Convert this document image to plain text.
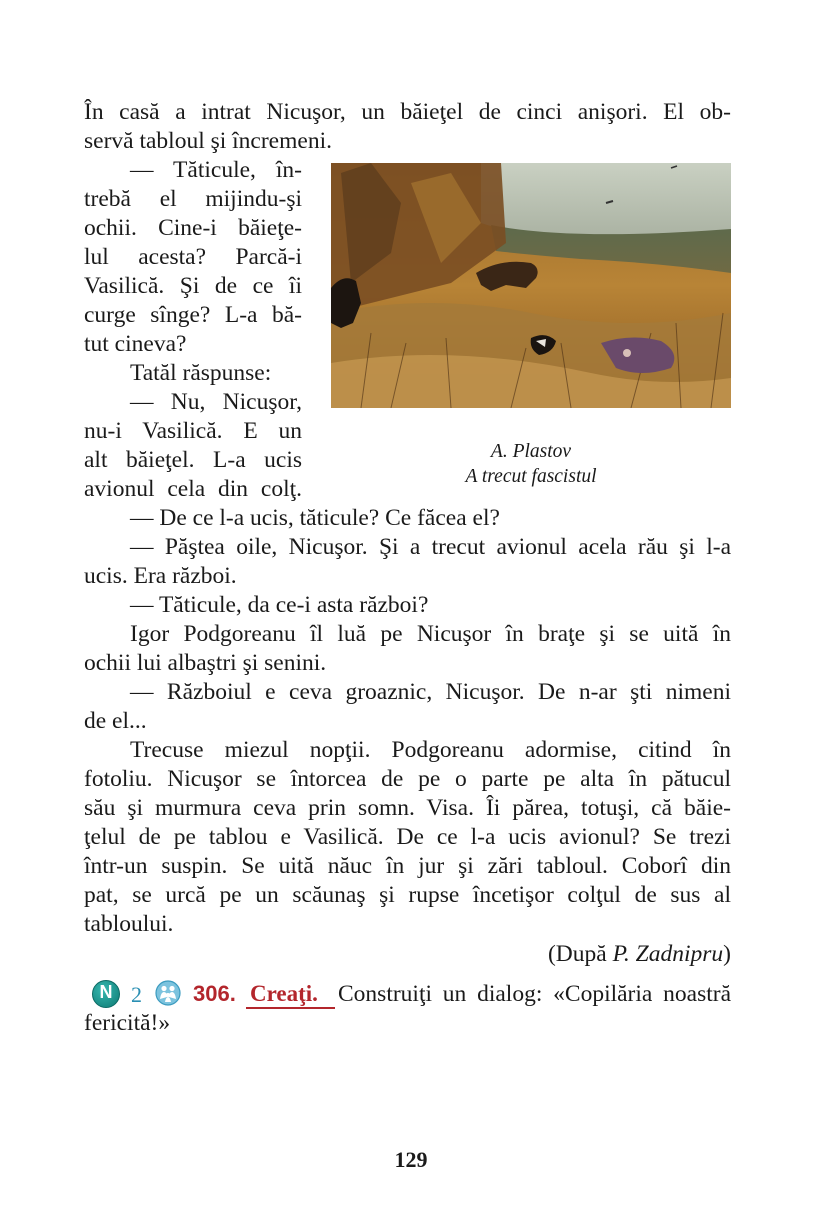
În casă a intrat Nicuşor, un băieţel de cinci anişori. El ob-
servă tabloul şi încremeni.
— Tăticule, în-
trebă el mijindu-şi
ochii. Cine-i băieţe-
lul acesta? Parcă-i
Vasilică. Şi de ce îi
curge sînge? L-a bă-
tut cineva?
Tatăl răspunse:
— Nu, Nicuşor,
nu-i Vasilică. E un
alt băieţel. L-a ucis
avionul cela din colţ.
A. Plastov
A trecut fascistul
— De ce l-a ucis, tăticule? Ce făcea el?
— Păştea oile, Nicuşor. Şi a trecut avionul acela rău şi l-a
ucis. Era război.
— Tăticule, da ce-i asta război?
Igor Podgoreanu îl luă pe Nicuşor în braţe şi se uită în
ochii lui albaştri şi senini.
— Războiul e ceva groaznic, Nicuşor. De n-ar şti nimeni
de el...
Trecuse miezul nopţii. Podgoreanu adormise, citind în
fotoliu. Nicuşor se întorcea de pe o parte pe alta în pătucul
său şi murmura ceva prin somn. Visa. Îi părea, totuşi, că băie-
ţelul de pe tablou e Vasilică. De ce l-a ucis avionul? Se trezi
într-un suspin. Se uită năuc în jur şi zări tabloul. Coborî din
pat, se urcă pe un scăunaş şi rupse încetişor colţul de sus al
tabloului.
(După P. Zadnipru)
N 2 306. Creaţi. Construiţi un dialog: «Copilăria noastră
fericită!»
129
